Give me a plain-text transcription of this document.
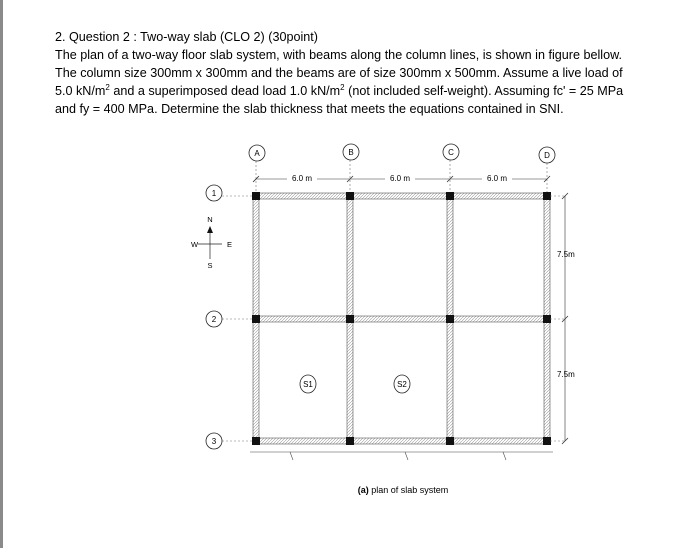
2. Question 2 : Two-way slab (CLO 2) (30point)

The plan of a two-way floor slab system, with beams along the column lines, is shown in figure bellow.

The column size 300mm x 300mm and the beams are of size 300mm x 500mm. Assume a live load of

5.0 $kN/m^2$ and a superimposed dead load 1.0 $kN/m^2$ (not included self-weight). Assuming fc' = 25 MPa

and fy = 400 MPa. Determine the slab thickness that meets the equations contained in SNI.

A	B	C	D
1
2
3
6.0 m	6.0 m	6.0 m
7.5m
7.5m
N
S
E
W
S1	S2
(a) plan of slab system
